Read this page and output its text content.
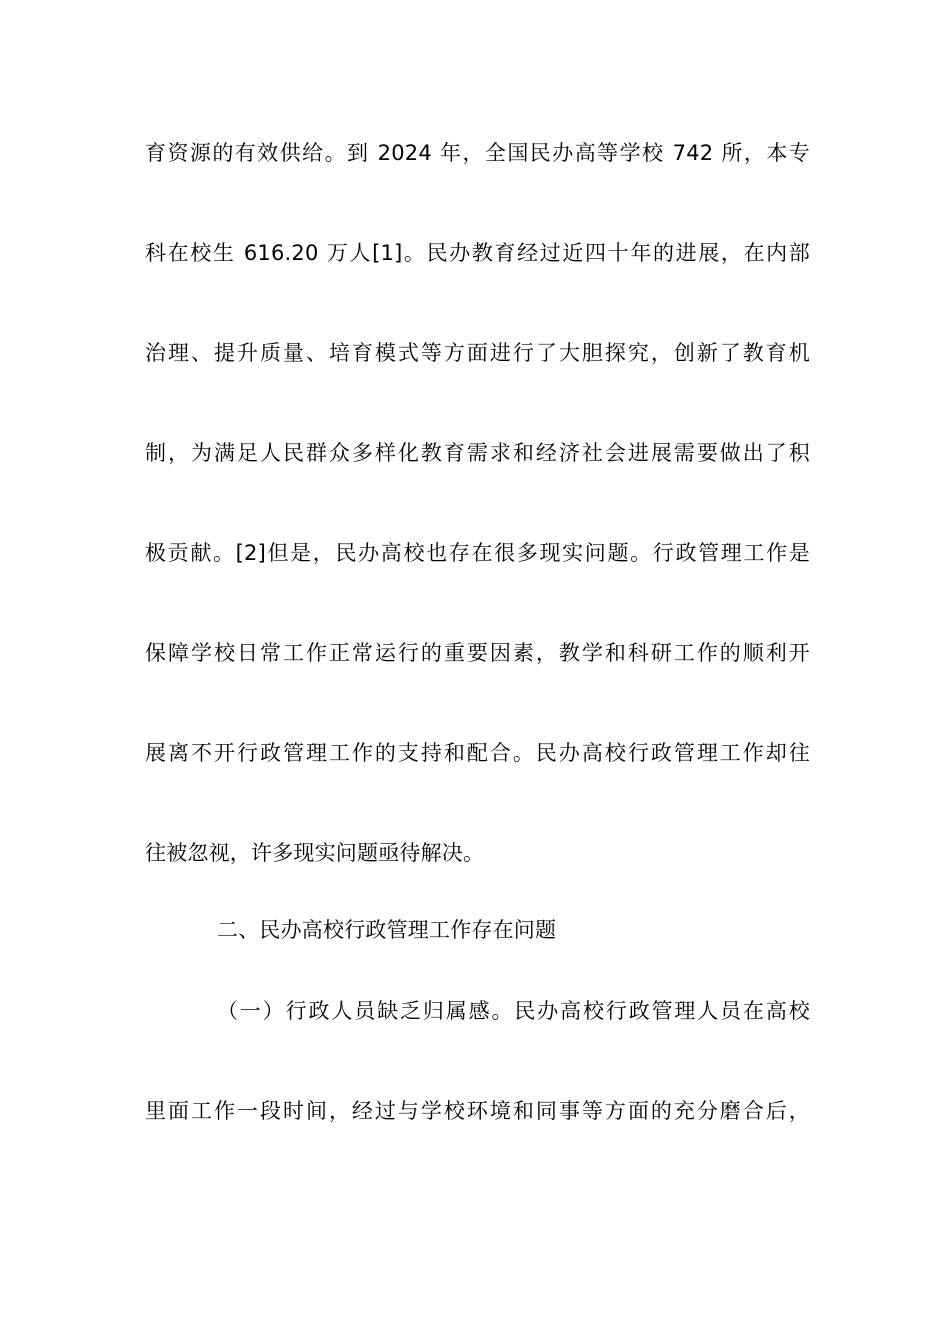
育资源的有效供给。到 2024 年，全国民办高等学校 742 所，本专
科在校生 616.20 万人[1]。民办教育经过近四十年的进展，在内部
治理、提升质量、培育模式等方面进行了大胆探究，创新了教育机
制，为满足人民群众多样化教育需求和经济社会进展需要做出了积
极贡献。[2]但是，民办高校也存在很多现实问题。行政管理工作是
保障学校日常工作正常运行的重要因素，教学和科研工作的顺利开
展离不开行政管理工作的支持和配合。民办高校行政管理工作却往
往被忽视，许多现实问题亟待解决。
二、民办高校行政管理工作存在问题
（一）行政人员缺乏归属感。民办高校行政管理人员在高校
里面工作一段时间，经过与学校环境和同事等方面的充分磨合后，
